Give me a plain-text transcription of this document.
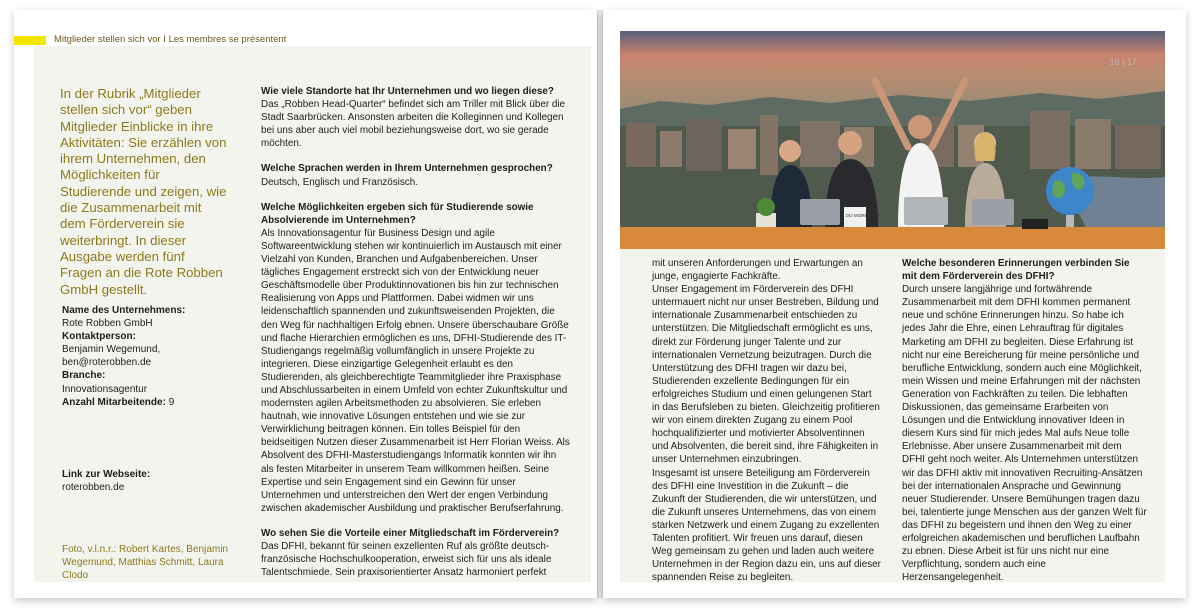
Mitglieder stellen sich vor I Les membres se présentent
In der Rubrik „Mitglieder stellen sich vor“ geben Mitglieder Einblicke in ihre Aktivitäten: Sie erzählen von ihrem Unternehmen, den Möglichkeiten für Studierende und zeigen, wie die Zusammenarbeit mit dem Förderverein sie weiterbringt. In dieser Ausgabe werden fünf Fragen an die Rote Robben GmbH gestellt.
Name des Unternehmens:
Rote Robben GmbH
Kontaktperson:
Benjamin Wegemund,
ben@roterobben.de
Branche:
Innovationsagentur
Anzahl Mitarbeitende: 9
Link zur Webseite:
roterobben.de
Foto, v.l.n.r.: Robert Kartes, Benjamin Wegemund, Matthias Schmitt, Laura Clodo

Wie viele Standorte hat Ihr Unternehmen und wo liegen diese?

Das „Robben Head-Quarter“ befindet sich am Triller mit Blick über die Stadt Saarbrücken. Ansonsten arbeiten die Kolleginnen und Kollegen bei uns aber auch viel mobil beziehungsweise dort, wo sie gerade möchten.

Welche Sprachen werden in Ihrem Unternehmen gesprochen?

Deutsch, Englisch und Französisch.

Welche Möglichkeiten ergeben sich für Studierende sowie Absolvierende im Unternehmen?

Als Innovationsagentur für Business Design und agile Softwareentwicklung stehen wir kontinuierlich im Austausch mit einer Vielzahl von Kunden, Branchen und Aufgabenbereichen. Unser tägliches Engagement erstreckt sich von der Entwicklung neuer Geschäftsmodelle über Produktinnovationen bis hin zur technischen Realisierung von Apps und Plattformen. Dabei widmen wir uns leidenschaftlich spannenden und zukunftsweisenden Projekten, die den Weg für nachhaltigen Erfolg ebnen. Unsere überschaubare Größe und flache Hierarchien ermöglichen es uns, DFHI-Studierende des IT-Studiengangs regelmäßig vollumfänglich in unsere Projekte zu integrieren. Diese einzigartige Gelegenheit erlaubt es den Studierenden, als gleichberechtigte Teammitglieder ihre Praxisphase und Abschlussarbeiten in einem Umfeld von echter Zukunftskultur und modernsten agilen Arbeitsmethoden zu absolvieren. Sie erleben hautnah, wie innovative Lösungen entstehen und wie sie zur Verwirklichung beitragen können. Ein tolles Beispiel für den beidseitigen Nutzen dieser Zusammenarbeit ist Herr Florian Weiss. Als Absolvent des DFHI-Masterstudiengangs Informatik konnten wir ihn als festen Mitarbeiter in unserem Team willkommen heißen. Seine Expertise und sein Engagement sind ein Gewinn für unser Unternehmen und unterstreichen den Wert der engen Verbindung zwischen akademischer Ausbildung und praktischer Berufserfahrung.

Wo sehen Sie die Vorteile einer Mitgliedschaft im Förderverein?

Das DFHI, bekannt für seinen exzellenten Ruf als größte deutsch-französische Hochschulkooperation, erweist sich für uns als ideale Talentschmiede. Sein praxisorientierter Ansatz harmoniert perfekt

DO MORE THAN
16 | 17

mit unseren Anforderungen und Erwartungen an junge, engagierte Fachkräfte.

Unser Engagement im Förderverein des DFHI untermauert nicht nur unser Bestreben, Bildung und internationale Zusammenarbeit entschieden zu unterstützen. Die Mitgliedschaft ermöglicht es uns, direkt zur Förderung junger Talente und zur internationalen Vernetzung beizutragen. Durch die Unterstützung des DFHI tragen wir dazu bei, Studierenden exzellente Bedingungen für ein erfolgreiches Studium und einen gelungenen Start in das Berufsleben zu bieten. Gleichzeitig profitieren wir von einem direkten Zugang zu einem Pool hochqualifizierter und motivierter Absolventinnen und Absolventen, die bereit sind, ihre Fähigkeiten in unser Unternehmen einzubringen.

Insgesamt ist unsere Beteiligung am Förderverein des DFHI eine Investition in die Zukunft – die Zukunft der Studierenden, die wir unterstützen, und die Zukunft unseres Unternehmens, das von einem starken Netzwerk und einem Zugang zu exzellenten Talenten profitiert. Wir freuen uns darauf, diesen Weg gemeinsam zu gehen und laden auch weitere Unternehmen in der Region dazu ein, uns auf dieser spannenden Reise zu begleiten.

Welche besonderen Erinnerungen verbinden Sie mit dem Förderverein des DFHI?

Durch unsere langjährige und fortwährende Zusammenarbeit mit dem DFHI kommen permanent neue und schöne Erinnerungen hinzu. So habe ich jedes Jahr die Ehre, einen Lehrauftrag für digitales Marketing am DFHI zu begleiten. Diese Erfahrung ist nicht nur eine Bereicherung für meine persönliche und berufliche Entwicklung, sondern auch eine Möglichkeit, mein Wissen und meine Erfahrungen mit der nächsten Generation von Fachkräften zu teilen. Die lebhaften Diskussionen, das gemeinsame Erarbeiten von Lösungen und die Entwicklung innovativer Ideen in diesem Kurs sind für mich jedes Mal aufs Neue tolle Erlebnisse. Aber unsere Zusammenarbeit mit dem DFHI geht noch weiter. Als Unternehmen unterstützen wir das DFHI aktiv mit innovativen Recruiting-Ansätzen bei der internationalen Ansprache und Gewinnung neuer Studierender. Unsere Bemühungen tragen dazu bei, talentierte junge Menschen aus der ganzen Welt für das DFHI zu begeistern und ihnen den Weg zu einer erfolgreichen akademischen und beruflichen Laufbahn zu ebnen. Diese Arbeit ist für uns nicht nur eine Verpflichtung, sondern auch eine Herzensangelegenheit.
